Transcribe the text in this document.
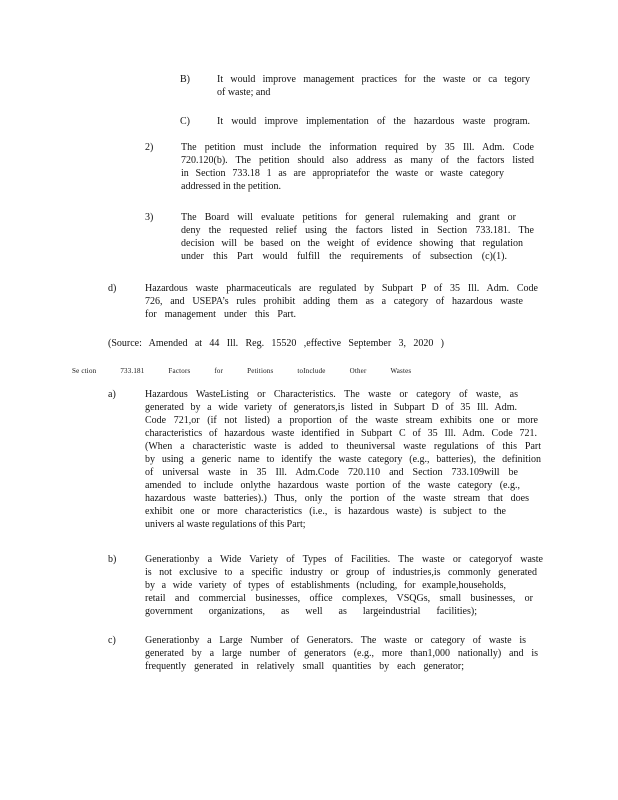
B)	It would improve management practices for the waste or ca tegory
of waste; and
C)	It would improve implementation of the hazardous waste program.
2)	The petition must include the information required by 35 Ill. Adm. Code
720.120(b). The petition should also address as many of the factors listed
in Section 733.18 1 as are appropriatefor the waste or waste category
addressed in the petition.
3)	The Board will evaluate petitions for general rulemaking and grant or
deny the requested relief using the factors listed in Section 733.181. The
decision will be based on the weight of evidence showing that regulation
under this Part would fulfill the requirements of subsection (c)(1).
d)	Hazardous waste pharmaceuticals are regulated by Subpart P of 35 Ill. Adm. Code
726, and USEPA’s rules prohibit adding them as a category of hazardous waste
for management under this Part.
(Source: Amended at 44 Ill. Reg. 15520 ,effective September 3, 2020 )
Se ction	733.181	Factors	for	Petitions	toInclude	Other	Wastes
a)	Hazardous WasteListing or Characteristics. The waste or category of waste, as
generated by a wide variety of generators,is listed in Subpart D of 35 Ill. Adm.
Code 721,or (if not listed) a proportion of the waste stream exhibits one or more
characteristics of hazardous waste identified in Subpart C of 35 Ill. Adm. Code 721.
(When a characteristic waste is added to theuniversal waste regulations of this Part
by using a generic name to identify the waste category (e.g., batteries), the definition
of universal waste in 35 Ill. Adm.Code 720.110 and Section 733.109will be
amended to include onlythe hazardous waste portion of the waste category (e.g.,
hazardous waste batteries).) Thus, only the portion of the waste stream that does
exhibit one or more characteristics (i.e., is hazardous waste) is subject to the
univers al waste regulations of this Part;
b)	Generationby a Wide Variety of Types of Facilities. The waste or categoryof waste
is not exclusive to a specific industry or group of industries,is commonly generated
by a wide variety of types of establishments (ncluding, for example,households,
retail and commercial businesses, office complexes, VSQGs, small businesses, or
government organizations, as well as largeindustrial facilities);
c)	Generationby a Large Number of Generators. The waste or category of waste is
generated by a large number of generators (e.g., more than1,000 nationally) and is
frequently generated in relatively small quantities by each generator;
